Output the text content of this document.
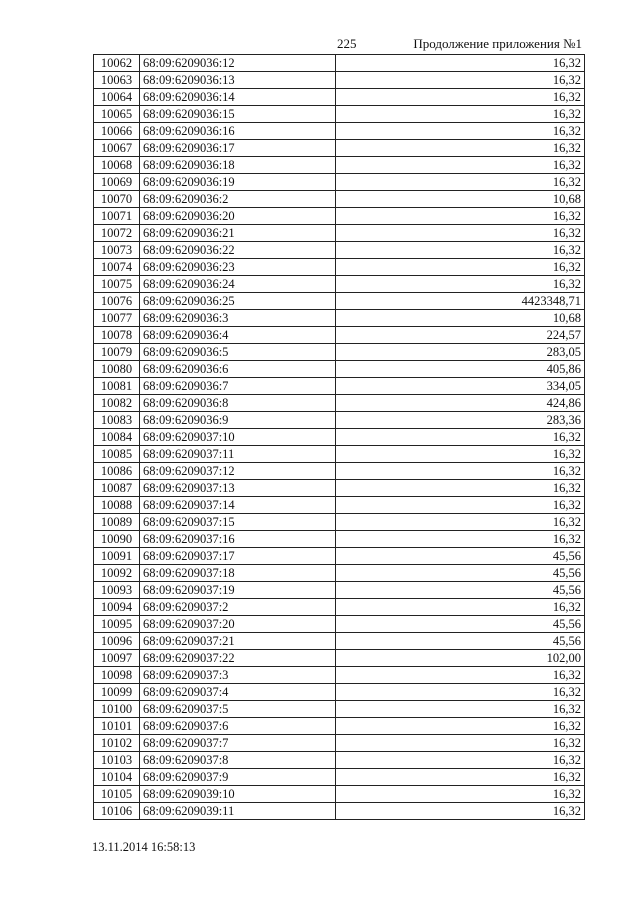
225	Продолжение приложения №1
10062	68:09:6209036:12	16,32
10063	68:09:6209036:13	16,32
10064	68:09:6209036:14	16,32
10065	68:09:6209036:15	16,32
10066	68:09:6209036:16	16,32
10067	68:09:6209036:17	16,32
10068	68:09:6209036:18	16,32
10069	68:09:6209036:19	16,32
10070	68:09:6209036:2	10,68
10071	68:09:6209036:20	16,32
10072	68:09:6209036:21	16,32
10073	68:09:6209036:22	16,32
10074	68:09:6209036:23	16,32
10075	68:09:6209036:24	16,32
10076	68:09:6209036:25	4423348,71
10077	68:09:6209036:3	10,68
10078	68:09:6209036:4	224,57
10079	68:09:6209036:5	283,05
10080	68:09:6209036:6	405,86
10081	68:09:6209036:7	334,05
10082	68:09:6209036:8	424,86
10083	68:09:6209036:9	283,36
10084	68:09:6209037:10	16,32
10085	68:09:6209037:11	16,32
10086	68:09:6209037:12	16,32
10087	68:09:6209037:13	16,32
10088	68:09:6209037:14	16,32
10089	68:09:6209037:15	16,32
10090	68:09:6209037:16	16,32
10091	68:09:6209037:17	45,56
10092	68:09:6209037:18	45,56
10093	68:09:6209037:19	45,56
10094	68:09:6209037:2	16,32
10095	68:09:6209037:20	45,56
10096	68:09:6209037:21	45,56
10097	68:09:6209037:22	102,00
10098	68:09:6209037:3	16,32
10099	68:09:6209037:4	16,32
10100	68:09:6209037:5	16,32
10101	68:09:6209037:6	16,32
10102	68:09:6209037:7	16,32
10103	68:09:6209037:8	16,32
10104	68:09:6209037:9	16,32
10105	68:09:6209039:10	16,32
10106	68:09:6209039:11	16,32
13.11.2014 16:58:13
